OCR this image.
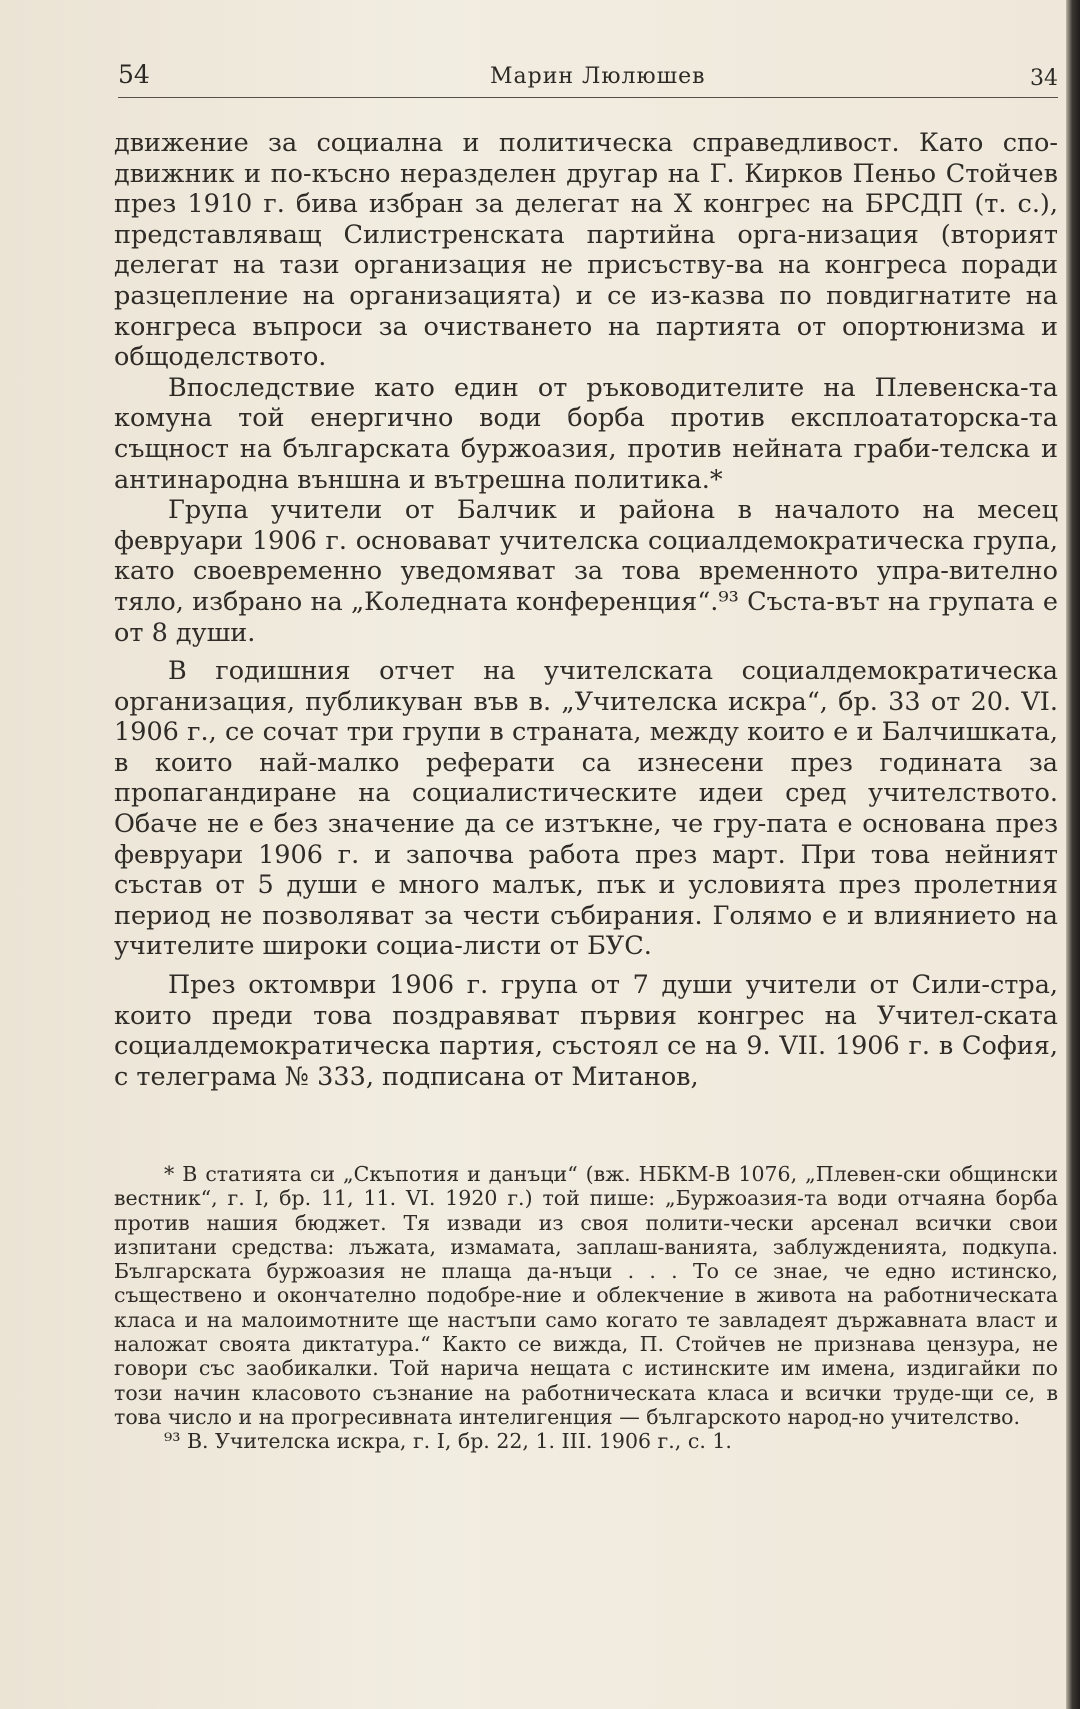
54	Марин Люлюшев	34

движение за социална и политическа справедливост. Като спо-движник и по-късно неразделен другар на Г. Кирков Пеньо Стойчев през 1910 г. бива избран за делегат на X конгрес на БРСДП (т. с.), представляващ Силистренската партийна орга-низация (вторият делегат на тази организация не присъству-ва на конгреса поради разцепление на организацията) и се из-казва по повдигнатите на конгреса въпроси за очистването на партията от опортюнизма и общоделството.

Впоследствие като един от ръководителите на Плевенска-та комуна той енергично води борба против експлоататорска-та същност на българската буржоазия, против нейната граби-телска и антинародна външна и вътрешна политика.*

Група учители от Балчик и района в началото на месец февруари 1906 г. основават учителска социалдемократическа група, като своевременно уведомяват за това временното упра-вително тяло, избрано на „Коледната конференция“.⁹³ Съста-вът на групата е от 8 души.

В годишния отчет на учителската социалдемократическа организация, публикуван във в. „Учителска искра“, бр. 33 от 20. VI. 1906 г., се сочат три групи в страната, между които е и Балчишката, в които най-малко реферати са изнесени през годината за пропагандиране на социалистическите идеи сред учителството. Обаче не е без значение да се изтъкне, че гру-пата е основана през февруари 1906 г. и започва работа през март. При това нейният състав от 5 души е много малък, пък и условията през пролетния период не позволяват за чести събирания. Голямо е и влиянието на учителите широки социа-листи от БУС.

През октомври 1906 г. група от 7 души учители от Сили-стра, които преди това поздравяват първия конгрес на Учител-ската социалдемократическа партия, състоял се на 9. VII. 1906 г. в София, с телеграма № 333, подписана от Митанов,

* В статията си „Скъпотия и данъци“ (вж. НБКМ-В 1076, „Плевен-ски общински вестник“, г. I, бр. 11, 11. VI. 1920 г.) той пише: „Буржоазия-та води отчаяна борба против нашия бюджет. Тя извади из своя полити-чески арсенал всички свои изпитани средства: лъжата, измамата, заплаш-ванията, заблужденията, подкупа. Българската буржоазия не плаща да-нъци . . . То се знае, че едно истинско, съществено и окончателно подобре-ние и облекчение в живота на работническата класа и на малоимотните ще настъпи само когато те завладеят държавната власт и наложат своята диктатура.“ Както се вижда, П. Стойчев не признава цензура, не говори със заобикалки. Той нарича нещата с истинските им имена, издигайки по този начин класовото съзнание на работническата класа и всички труде-щи се, в това число и на прогресивната интелигенция — българското народ-но учителство.

⁹³ В. Учителска искра, г. I, бр. 22, 1. III. 1906 г., с. 1.
